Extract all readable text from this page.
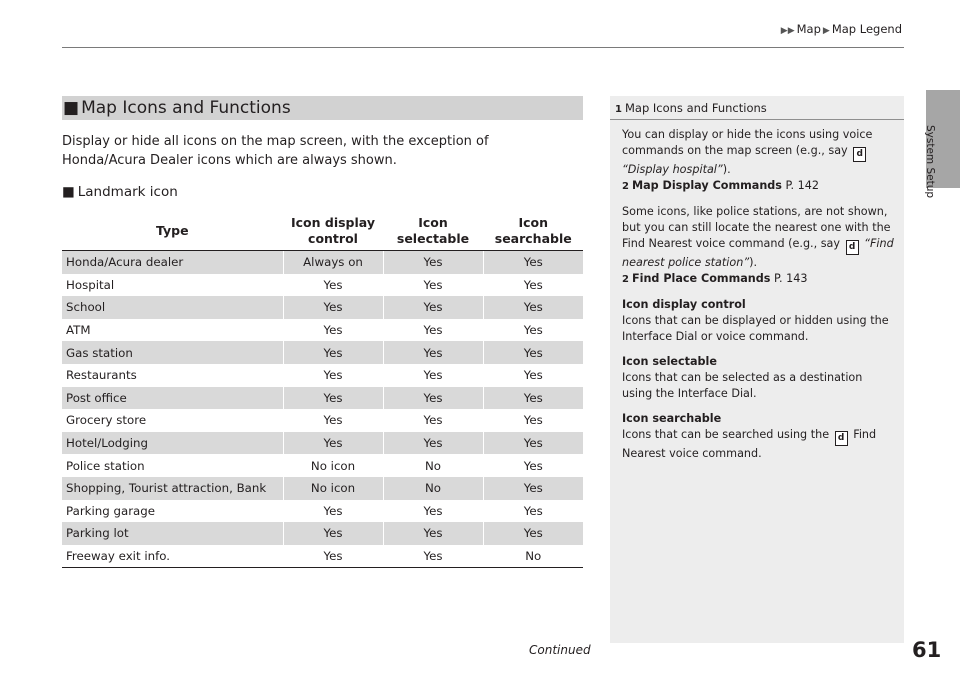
▶▶ Map ▶ Map Legend
System Setup
■ Map Icons and Functions
Display or hide all icons on the map screen, with the exception of Honda/Acura Dealer icons which are always shown.
■ Landmark icon
Type	Icon display control	Icon selectable	Icon searchable
Honda/Acura dealer	Always on	Yes	Yes
Hospital	Yes	Yes	Yes
School	Yes	Yes	Yes
ATM	Yes	Yes	Yes
Gas station	Yes	Yes	Yes
Restaurants	Yes	Yes	Yes
Post office	Yes	Yes	Yes
Grocery store	Yes	Yes	Yes
Hotel/Lodging	Yes	Yes	Yes
Police station	No icon	No	Yes
Shopping, Tourist attraction, Bank	No icon	No	Yes
Parking garage	Yes	Yes	Yes
Parking lot	Yes	Yes	Yes
Freeway exit info.	Yes	Yes	No
1 Map Icons and Functions

You can display or hide the icons using voice commands on the map screen (e.g., say d
“Display hospital”).
2 Map Display Commands P. 142

Some icons, like police stations, are not shown, but you can still locate the nearest one with the Find Nearest voice command (e.g., say d “Find nearest police station”).
2 Find Place Commands P. 143

Icon display control
Icons that can be displayed or hidden using the Interface Dial or voice command.

Icon selectable
Icons that can be selected as a destination using the Interface Dial.

Icon searchable
Icons that can be searched using the d Find Nearest voice command.

Continued	61
